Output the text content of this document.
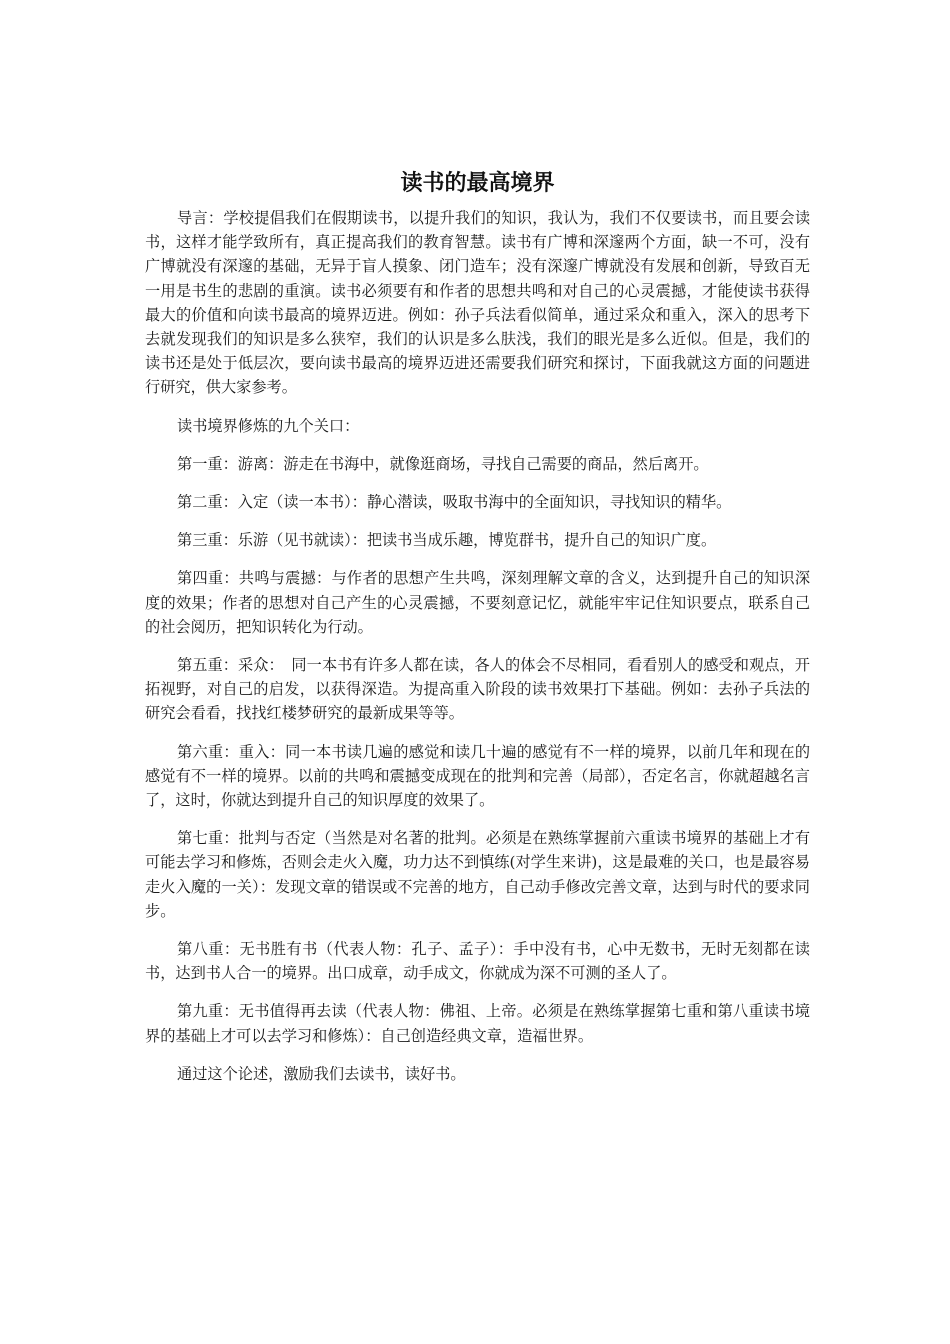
读书的最高境界

导言：学校提倡我们在假期读书，以提升我们的知识，我认为，我们不仅要读书，而且要会读书，这样才能学致所有，真正提高我们的教育智慧。读书有广博和深邃两个方面，缺一不可，没有广博就没有深邃的基础，无异于盲人摸象、闭门造车；没有深邃广博就没有发展和创新，导致百无一用是书生的悲剧的重演。读书必须要有和作者的思想共鸣和对自己的心灵震撼，才能使读书获得最大的价值和向读书最高的境界迈进。例如：孙子兵法看似简单，通过采众和重入，深入的思考下去就发现我们的知识是多么狭窄，我们的认识是多么肤浅，我们的眼光是多么近似。但是，我们的读书还是处于低层次，要向读书最高的境界迈进还需要我们研究和探讨，下面我就这方面的问题进行研究，供大家参考。

读书境界修炼的九个关口：

第一重：游离：游走在书海中，就像逛商场，寻找自己需要的商品，然后离开。

第二重：入定（读一本书）：静心潜读，吸取书海中的全面知识，寻找知识的精华。

第三重：乐游（见书就读）：把读书当成乐趣，博览群书，提升自己的知识广度。

第四重：共鸣与震撼：与作者的思想产生共鸣，深刻理解文章的含义，达到提升自己的知识深度的效果；作者的思想对自己产生的心灵震撼，不要刻意记忆，就能牢牢记住知识要点，联系自己的社会阅历，把知识转化为行动。

第五重：采众：　同一本书有许多人都在读，各人的体会不尽相同，看看别人的感受和观点，开拓视野，对自己的启发，以获得深造。为提高重入阶段的读书效果打下基础。例如：去孙子兵法的研究会看看，找找红楼梦研究的最新成果等等。

第六重：重入：同一本书读几遍的感觉和读几十遍的感觉有不一样的境界，以前几年和现在的感觉有不一样的境界。以前的共鸣和震撼变成现在的批判和完善（局部），否定名言，你就超越名言了，这时，你就达到提升自己的知识厚度的效果了。

第七重：批判与否定（当然是对名著的批判。必须是在熟练掌握前六重读书境界的基础上才有可能去学习和修炼，否则会走火入魔，功力达不到慎练(对学生来讲)，这是最难的关口，也是最容易走火入魔的一关）：发现文章的错误或不完善的地方，自己动手修改完善文章，达到与时代的要求同步。

第八重：无书胜有书（代表人物：孔子、孟子）：手中没有书，心中无数书，无时无刻都在读书，达到书人合一的境界。出口成章，动手成文，你就成为深不可测的圣人了。

第九重：无书值得再去读（代表人物：佛祖、上帝。必须是在熟练掌握第七重和第八重读书境界的基础上才可以去学习和修炼）：自己创造经典文章，造福世界。

通过这个论述，激励我们去读书，读好书。
